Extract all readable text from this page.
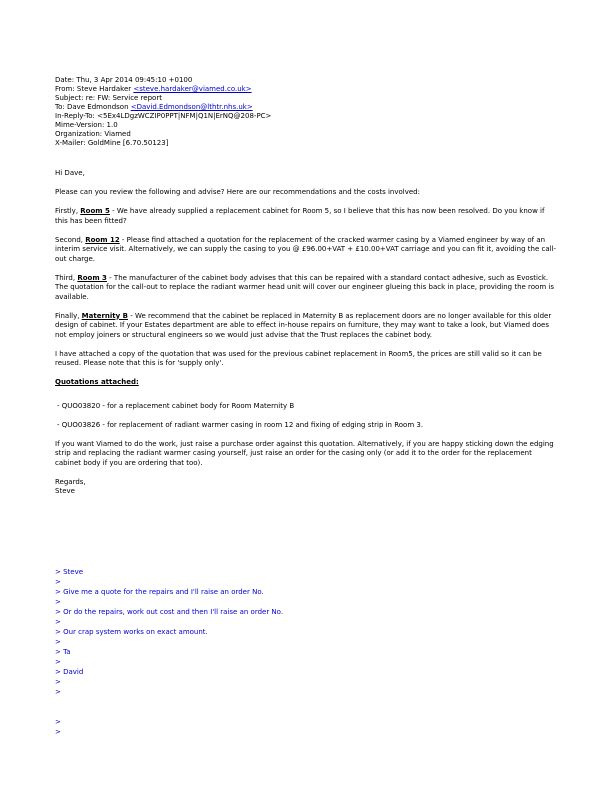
Date: Thu, 3 Apr 2014 09:45:10 +0100
From: Steve Hardaker <steve.hardaker@viamed.co.uk>
Subject: re: FW: Service report
To: Dave Edmondson <David.Edmondson@lthtr.nhs.uk>
In-Reply-To: <5Ex4LDgzWCZIP0PPT|NFM|Q1N|ErNQ@208-PC>
Mime-Version: 1.0
Organization: Viamed
X-Mailer: GoldMine [6.70.50123]
Hi Dave,
Please can you review the following and advise? Here are our recommendations and the costs involved:
Firstly, Room 5 - We have already supplied a replacement cabinet for Room 5, so I believe that this has now been resolved. Do you know if this has been fitted?
Second, Room 12 - Please find attached a quotation for the replacement of the cracked warmer casing by a Viamed engineer by way of an interim service visit. Alternatively, we can supply the casing to you @ £96.00+VAT + £10.00+VAT carriage and you can fit it, avoiding the call-out charge.
Third, Room 3 - The manufacturer of the cabinet body advises that this can be repaired with a standard contact adhesive, such as Evostick. The quotation for the call-out to replace the radiant warmer head unit will cover our engineer glueing this back in place, providing the room is available.
Finally, Maternity B - We recommend that the cabinet be replaced in Maternity B as replacement doors are no longer available for this older design of cabinet. If your Estates department are able to effect in-house repairs on furniture, they may want to take a look, but Viamed does not employ joiners or structural engineers so we would just advise that the Trust replaces the cabinet body.
I have attached a copy of the quotation that was used for the previous cabinet replacement in Room5, the prices are still valid so it can be reused. Please note that this is for 'supply only'.
Quotations attached:
- QUO03820 - for a replacement cabinet body for Room Maternity B
- QUO03826 - for replacement of radiant warmer casing in room 12 and fixing of edging strip in Room 3.
If you want Viamed to do the work, just raise a purchase order against this quotation. Alternatively, if you are happy sticking down the edging strip and replacing the radiant warmer casing yourself, just raise an order for the casing only (or add it to the order for the replacement cabinet body if you are ordering that too).
Regards,
Steve
> Steve
>
> Give me a quote for the repairs and I'll raise an order No.
>
> Or do the repairs, work out cost and then I'll raise an order No.
>
> Our crap system works on exact amount.
>
> Ta
>
> David
>
>
>
>
